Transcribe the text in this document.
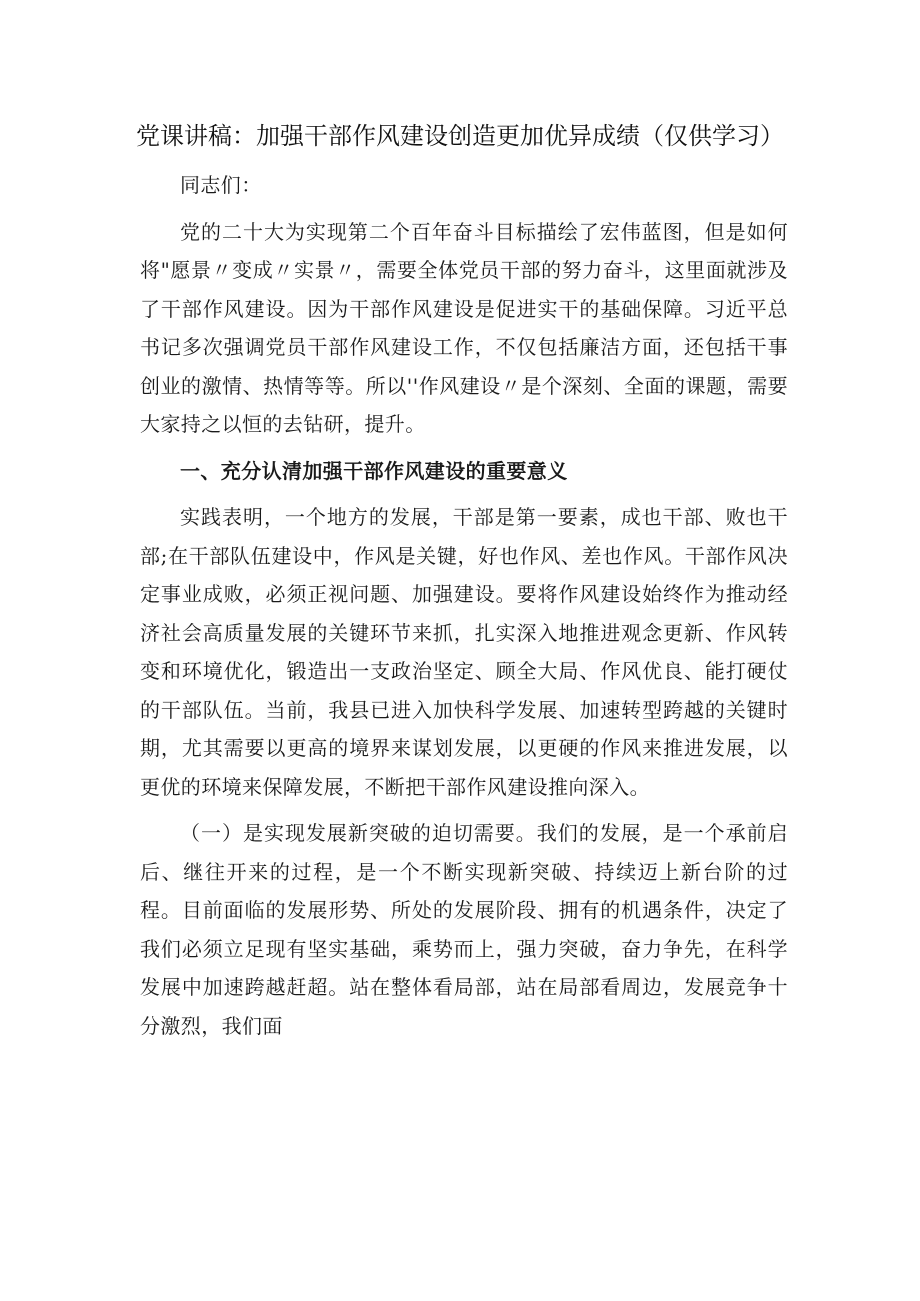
党课讲稿：加强干部作风建设创造更加优异成绩（仅供学习）

同志们：

党的二十大为实现第二个百年奋斗目标描绘了宏伟蓝图，但是如何将"愿景〃变成〃实景〃，需要全体党员干部的努力奋斗，这里面就涉及了干部作风建设。因为干部作风建设是促进实干的基础保障。习近平总书记多次强调党员干部作风建设工作，不仅包括廉洁方面，还包括干事创业的激情、热情等等。所以''作风建设〃是个深刻、全面的课题，需要大家持之以恒的去钻研，提升。

一、充分认清加强干部作风建设的重要意义

实践表明，一个地方的发展，干部是第一要素，成也干部、败也干部;在干部队伍建设中，作风是关键，好也作风、差也作风。干部作风决定事业成败，必须正视问题、加强建设。要将作风建设始终作为推动经济社会高质量发展的关键环节来抓，扎实深入地推进观念更新、作风转变和环境优化，锻造出一支政治坚定、顾全大局、作风优良、能打硬仗的干部队伍。当前，我县已进入加快科学发展、加速转型跨越的关键时期，尤其需要以更高的境界来谋划发展，以更硬的作风来推进发展，以更优的环境来保障发展，不断把干部作风建设推向深入。

（一）是实现发展新突破的迫切需要。我们的发展，是一个承前启后、继往开来的过程，是一个不断实现新突破、持续迈上新台阶的过程。目前面临的发展形势、所处的发展阶段、拥有的机遇条件，决定了我们必须立足现有坚实基础，乘势而上，强力突破，奋力争先，在科学发展中加速跨越赶超。站在整体看局部，站在局部看周边，发展竞争十分激烈，我们面
